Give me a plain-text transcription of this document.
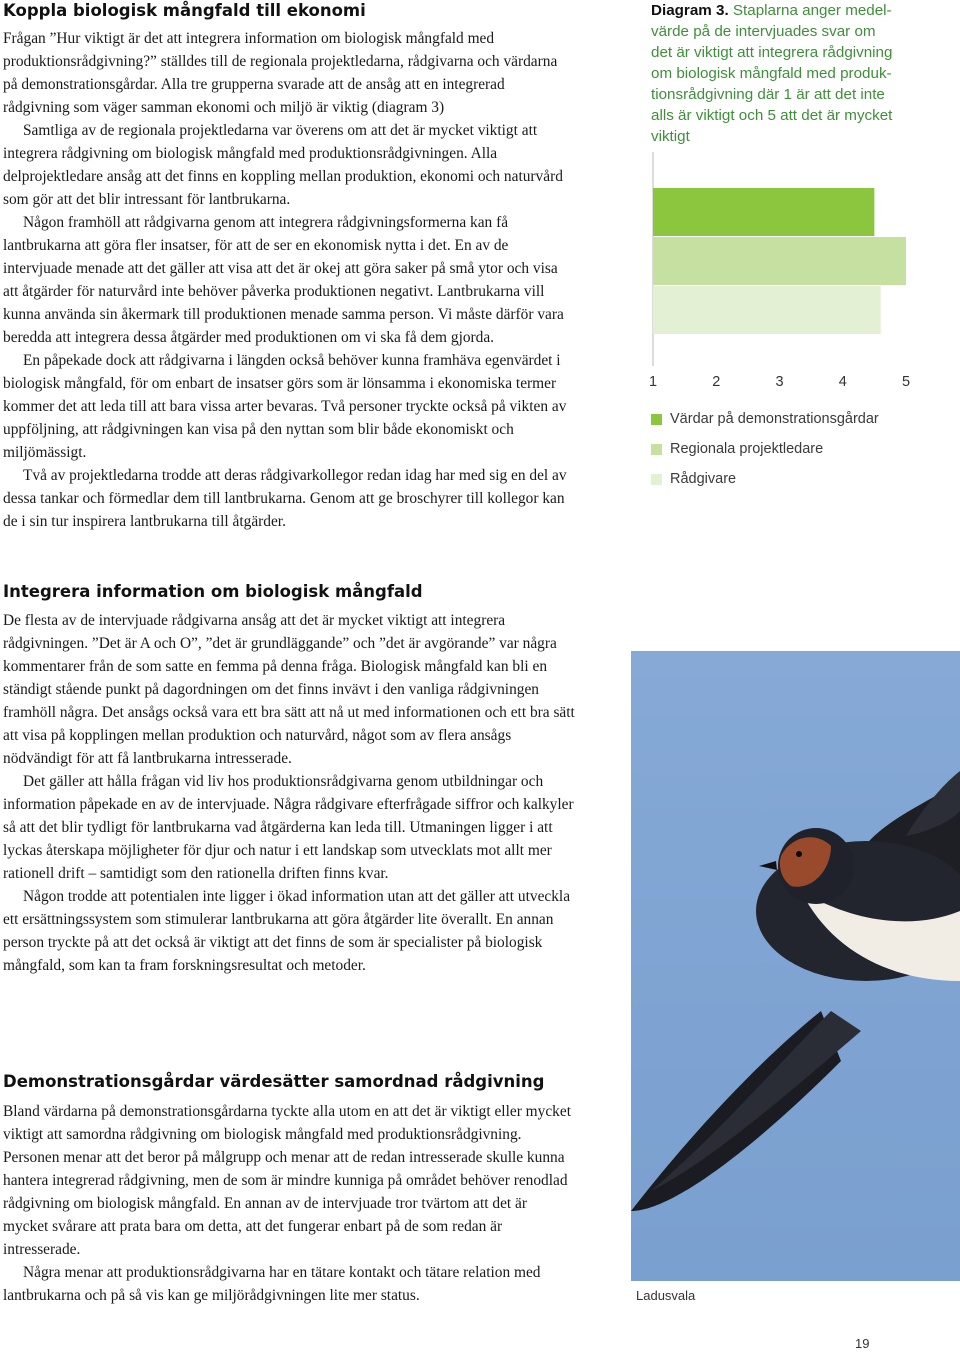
Koppla biologisk mångfald till ekonomi

Frågan ”Hur viktigt är det att integrera information om biologisk mångfald med produktionsrådgivning?” ställdes till de regionala projektledarna, rådgivarna och värdarna på demonstrationsgårdar. Alla tre grupperna svarade att de ansåg att en integrerad rådgivning som väger samman ekonomi och miljö är viktig (diagram 3)

Samtliga av de regionala projektledarna var överens om att det är mycket viktigt att integrera rådgivning om biologisk mångfald med produktionsrådgivningen. Alla delprojektledare ansåg att det finns en koppling mellan produktion, ekonomi och naturvård som gör att det blir intressant för lantbrukarna.

Någon framhöll att rådgivarna genom att integrera rådgivningsformerna kan få lantbrukarna att göra fler insatser, för att de ser en ekonomisk nytta i det. En av de intervjuade menade att det gäller att visa att det är okej att göra saker på små ytor och visa att åtgärder för naturvård inte behöver påverka produktionen negativt. Lantbrukarna vill kunna använda sin åkermark till produktionen menade samma person. Vi måste därför vara beredda att integrera dessa åtgärder med produktionen om vi ska få dem gjorda.

En påpekade dock att rådgivarna i längden också behöver kunna framhäva egenvärdet i biologisk mångfald, för om enbart de insatser görs som är lönsamma i ekonomiska termer kommer det att leda till att bara vissa arter bevaras. Två personer tryckte också på vikten av uppföljning, att rådgivningen kan visa på den nyttan som blir både ekonomiskt och miljömässigt.

Två av projektledarna trodde att deras rådgivarkollegor redan idag har med sig en del av dessa tankar och förmedlar dem till lantbrukarna. Genom att ge broschyrer till kollegor kan de i sin tur inspirera lantbrukarna till åtgärder.

Integrera information om biologisk mångfald

De flesta av de intervjuade rådgivarna ansåg att det är mycket viktigt att integrera rådgivningen. ”Det är A och O”, ”det är grundläggande” och ”det är avgörande” var några kommentarer från de som satte en femma på denna fråga. Biologisk mångfald kan bli en ständigt stående punkt på dagordningen om det finns invävt i den vanliga rådgivningen framhöll några. Det ansågs också vara ett bra sätt att nå ut med informationen och ett bra sätt att visa på kopplingen mellan produktion och naturvård, något som av flera ansågs nödvändigt för att få lantbrukarna intresserade.

Det gäller att hålla frågan vid liv hos produktionsrådgivarna genom utbildningar och information påpekade en av de intervjuade. Några rådgivare efterfrågade siffror och kalkyler så att det blir tydligt för lantbrukarna vad åtgärderna kan leda till. Utmaningen ligger i att lyckas återskapa möjligheter för djur och natur i ett landskap som utvecklats mot allt mer rationell drift – samtidigt som den rationella driften finns kvar.

Någon trodde att potentialen inte ligger i ökad information utan att det gäller att utveckla ett ersättningssystem som stimulerar lantbrukarna att göra åtgärder lite överallt. En annan person tryckte på att det också är viktigt att det finns de som är specialister på biologisk mångfald, som kan ta fram forskningsresultat och metoder.

Demonstrationsgårdar värdesätter samordnad rådgivning

Bland värdarna på demonstrationsgårdarna tyckte alla utom en att det är viktigt eller mycket viktigt att samordna rådgivning om biologisk mångfald med produktionsrådgivning. Personen menar att det beror på målgrupp och menar att de redan intresserade skulle kunna hantera integrerad rådgivning, men de som är mindre kunniga på området behöver renodlad rådgivning om biologisk mångfald. En annan av de intervjuade tror tvärtom att det är mycket svårare att prata bara om detta, att det fungerar enbart på de som redan är intresserade.

Några menar att produktionsrådgivarna har en tätare kontakt och tätare relation med lantbrukarna och på så vis kan ge miljörådgivningen lite mer status.

Diagram 3. Staplarna anger medel-
värde på de intervjuades svar om
det är viktigt att integrera rådgivning
om biologisk mångfald med produk-
tionsrådgivning där 1 är att det inte
alls är viktigt och 5 att det är mycket
viktigt

1	2	3	4	5
Värdar på demonstrationsgårdar
Regionala projektledare
Rådgivare
Ladusvala
19
